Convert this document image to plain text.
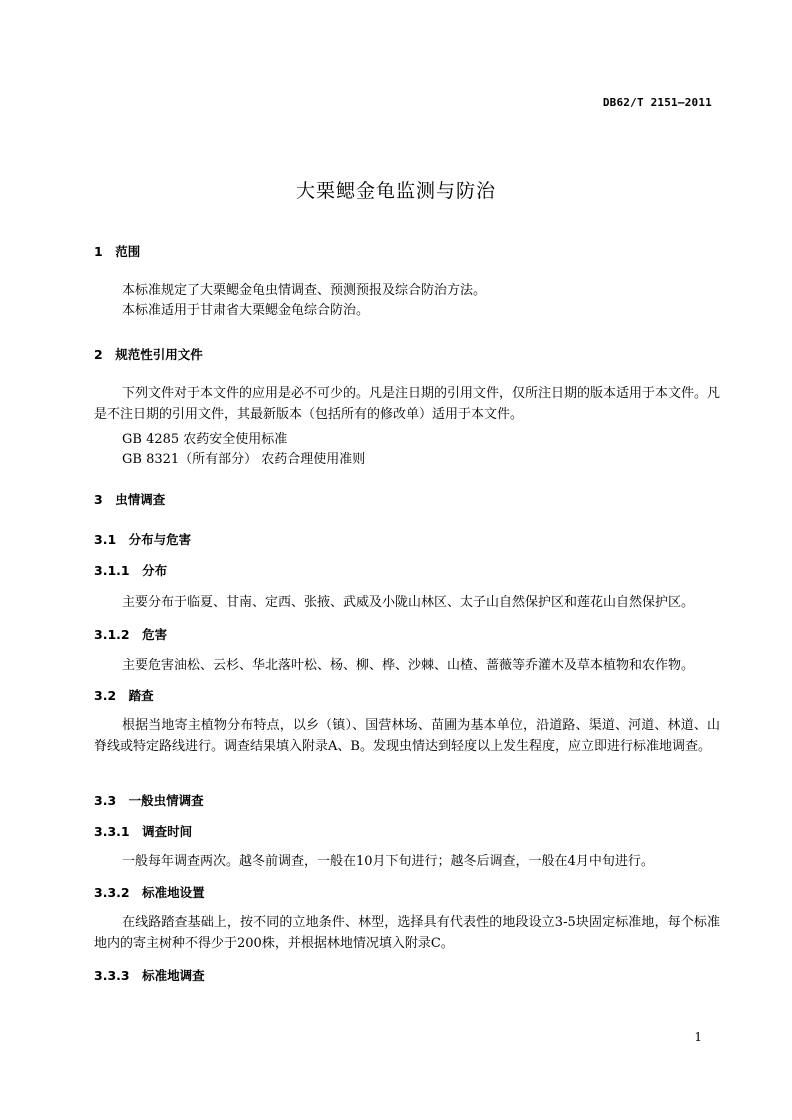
DB62/T 2151—2011
大栗鳃金龟监测与防治
1　范围
本标准规定了大栗鳃金龟虫情调查、预测预报及综合防治方法。
本标准适用于甘肃省大栗鳃金龟综合防治。
2　规范性引用文件
下列文件对于本文件的应用是必不可少的。凡是注日期的引用文件，仅所注日期的版本适用于本文件。凡是不注日期的引用文件，其最新版本（包括所有的修改单）适用于本文件。
GB 4285 农药安全使用标准
GB 8321（所有部分） 农药合理使用准则
3　虫情调查
3.1　分布与危害
3.1.1　分布
主要分布于临夏、甘南、定西、张掖、武威及小陇山林区、太子山自然保护区和莲花山自然保护区。
3.1.2　危害
主要危害油松、云杉、华北落叶松、杨、柳、桦、沙棘、山楂、蔷薇等乔灌木及草本植物和农作物。
3.2　踏查
根据当地寄主植物分布特点，以乡（镇）、国营林场、苗圃为基本单位，沿道路、渠道、河道、林道、山脊线或特定路线进行。调查结果填入附录A、B。发现虫情达到轻度以上发生程度，应立即进行标准地调查。
3.3　一般虫情调查
3.3.1　调查时间
一般每年调查两次。越冬前调查，一般在10月下旬进行；越冬后调查，一般在4月中旬进行。
3.3.2　标准地设置
在线路踏查基础上，按不同的立地条件、林型，选择具有代表性的地段设立3-5块固定标准地，每个标准地内的寄主树种不得少于200株，并根据林地情况填入附录C。
3.3.3　标准地调查
1
